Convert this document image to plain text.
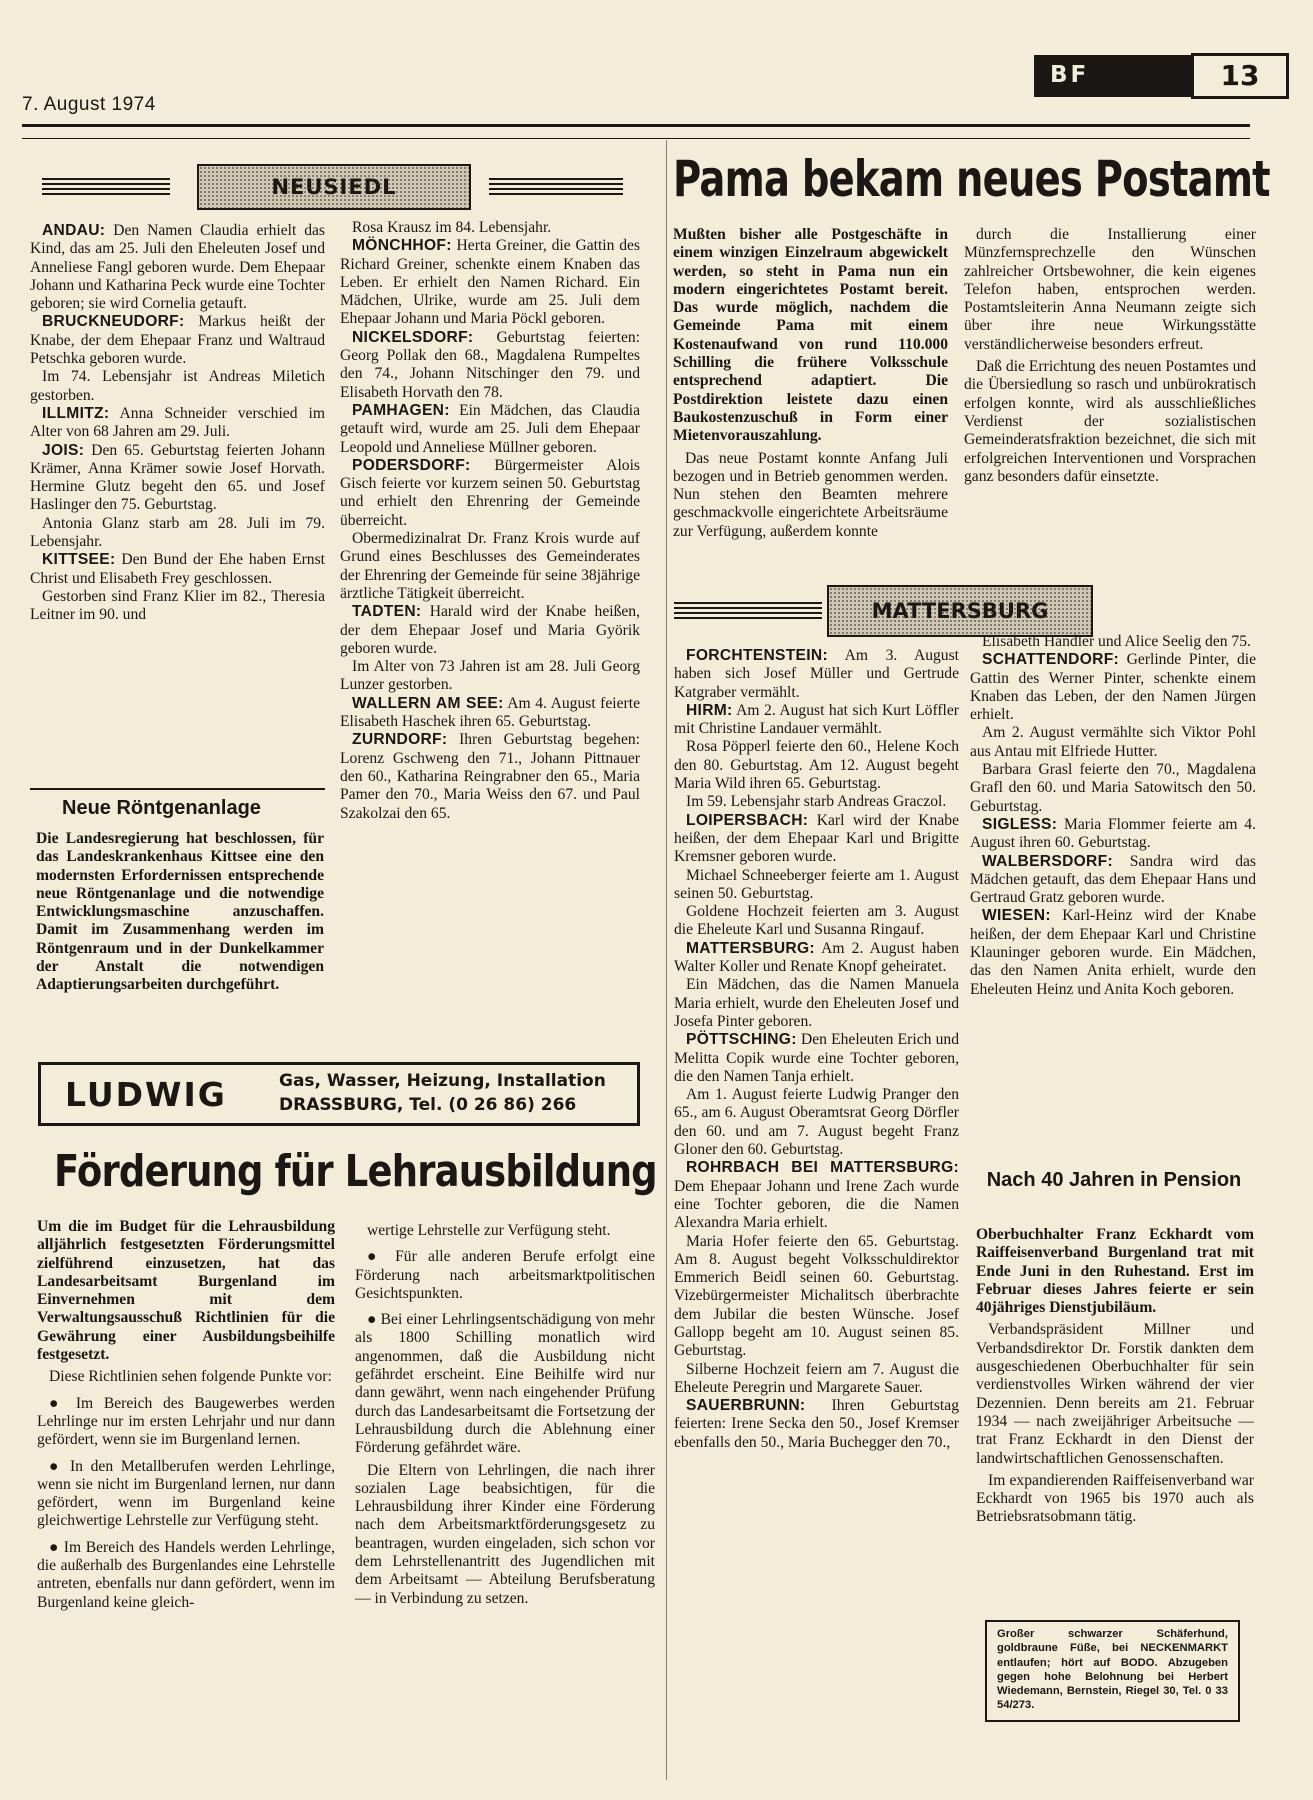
7. August 1974
BF	13
NEUSIEDL
ANDAU: Den Namen Claudia erhielt das Kind, das am 25. Juli den Eheleuten Josef und Anneliese Fangl geboren wurde. Dem Ehepaar Johann und Katharina Peck wurde eine Tochter geboren; sie wird Cornelia getauft.
BRUCKNEUDORF: Markus heißt der Knabe, der dem Ehepaar Franz und Waltraud Petschka geboren wurde.
Im 74. Lebensjahr ist Andreas Miletich gestorben.
ILLMITZ: Anna Schneider verschied im Alter von 68 Jahren am 29. Juli.
JOIS: Den 65. Geburtstag feierten Johann Krämer, Anna Krämer sowie Josef Horvath. Hermine Glutz begeht den 65. und Josef Haslinger den 75. Geburtstag.
Antonia Glanz starb am 28. Juli im 79. Lebensjahr.
KITTSEE: Den Bund der Ehe haben Ernst Christ und Elisabeth Frey geschlossen.
Gestorben sind Franz Klier im 82., Theresia Leitner im 90. und
Rosa Krausz im 84. Lebensjahr.
MÖNCHHOF: Herta Greiner, die Gattin des Richard Greiner, schenkte einem Knaben das Leben. Er erhielt den Namen Richard. Ein Mädchen, Ulrike, wurde am 25. Juli dem Ehepaar Johann und Maria Pöckl geboren.
NICKELSDORF: Geburtstag feierten: Georg Pollak den 68., Magdalena Rumpeltes den 74., Johann Nitschinger den 79. und Elisabeth Horvath den 78.
PAMHAGEN: Ein Mädchen, das Claudia getauft wird, wurde am 25. Juli dem Ehepaar Leopold und Anneliese Müllner geboren.
PODERSDORF: Bürgermeister Alois Gisch feierte vor kurzem seinen 50. Geburtstag und erhielt den Ehrenring der Gemeinde überreicht.
Obermedizinalrat Dr. Franz Krois wurde auf Grund eines Beschlusses des Gemeinderates der Ehrenring der Gemeinde für seine 38jährige ärztliche Tätigkeit überreicht.
TADTEN: Harald wird der Knabe heißen, der dem Ehepaar Josef und Maria Györik geboren wurde.
Im Alter von 73 Jahren ist am 28. Juli Georg Lunzer gestorben.
WALLERN AM SEE: Am 4. August feierte Elisabeth Haschek ihren 65. Geburtstag.
ZURNDORF: Ihren Geburtstag begehen: Lorenz Gschweng den 71., Johann Pittnauer den 60., Katharina Reingrabner den 65., Maria Pamer den 70., Maria Weiss den 67. und Paul Szakolzai den 65.
Neue Röntgenanlage

Die Landesregierung hat beschlossen, für das Landeskrankenhaus Kittsee eine den modernsten Erfordernissen entsprechende neue Röntgenanlage und die notwendige Entwicklungsmaschine anzuschaffen. Damit im Zusammenhang werden im Röntgenraum und in der Dunkelkammer der Anstalt die notwendigen Adaptierungsarbeiten durchgeführt.

LUDWIG	Gas, Wasser, Heizung, Installation
DRASSBURG, Tel. (0 26 86) 266
Förderung für Lehrausbildung
Um die im Budget für die Lehrausbildung alljährlich festgesetzten Förderungsmittel zielführend einzusetzen, hat das Landesarbeitsamt Burgenland im Einvernehmen mit dem Verwaltungsausschuß Richtlinien für die Gewährung einer Ausbildungsbeihilfe festgesetzt.
Diese Richtlinien sehen folgende Punkte vor:
● Im Bereich des Baugewerbes werden Lehrlinge nur im ersten Lehrjahr und nur dann gefördert, wenn sie im Burgenland lernen.
● In den Metallberufen werden Lehrlinge, wenn sie nicht im Burgenland lernen, nur dann gefördert, wenn im Burgenland keine gleichwertige Lehrstelle zur Verfügung steht.
● Im Bereich des Handels werden Lehrlinge, die außerhalb des Burgenlandes eine Lehrstelle antreten, ebenfalls nur dann gefördert, wenn im Burgenland keine gleich-
wertige Lehrstelle zur Verfügung steht.
● Für alle anderen Berufe erfolgt eine Förderung nach arbeitsmarktpolitischen Gesichtspunkten.
● Bei einer Lehrlingsentschädigung von mehr als 1800 Schilling monatlich wird angenommen, daß die Ausbildung nicht gefährdet erscheint. Eine Beihilfe wird nur dann gewährt, wenn nach eingehender Prüfung durch das Landesarbeitsamt die Fortsetzung der Lehrausbildung durch die Ablehnung einer Förderung gefährdet wäre.
Die Eltern von Lehrlingen, die nach ihrer sozialen Lage beabsichtigen, für die Lehrausbildung ihrer Kinder eine Förderung nach dem Arbeitsmarktförderungsgesetz zu beantragen, wurden eingeladen, sich schon vor dem Lehrstellenantritt des Jugendlichen mit dem Arbeitsamt — Abteilung Berufsberatung — in Verbindung zu setzen.
Pama bekam neues Postamt
Mußten bisher alle Postgeschäfte in einem winzigen Einzelraum abgewickelt werden, so steht in Pama nun ein modern eingerichtetes Postamt bereit. Das wurde möglich, nachdem die Gemeinde Pama mit einem Kostenaufwand von rund 110.000 Schilling die frühere Volksschule entsprechend adaptiert. Die Postdirektion leistete dazu einen Baukostenzuschuß in Form einer Mietenvorauszahlung.
Das neue Postamt konnte Anfang Juli bezogen und in Betrieb genommen werden. Nun stehen den Beamten mehrere geschmackvolle eingerichtete Arbeitsräume zur Verfügung, außerdem konnte
durch die Installierung einer Münzfernsprechzelle den Wünschen zahlreicher Ortsbewohner, die kein eigenes Telefon haben, entsprochen werden. Postamtsleiterin Anna Neumann zeigte sich über ihre neue Wirkungsstätte verständlicherweise besonders erfreut.
Daß die Errichtung des neuen Postamtes und die Übersiedlung so rasch und unbürokratisch erfolgen konnte, wird als ausschließliches Verdienst der sozialistischen Gemeinderatsfraktion bezeichnet, die sich mit erfolgreichen Interventionen und Vorsprachen ganz besonders dafür einsetzte.
MATTERSBURG
FORCHTENSTEIN: Am 3. August haben sich Josef Müller und Gertrude Katgraber vermählt.
HIRM: Am 2. August hat sich Kurt Löffler mit Christine Landauer vermählt.
Rosa Pöpperl feierte den 60., Helene Koch den 80. Geburtstag. Am 12. August begeht Maria Wild ihren 65. Geburtstag.
Im 59. Lebensjahr starb Andreas Graczol.
LOIPERSBACH: Karl wird der Knabe heißen, der dem Ehepaar Karl und Brigitte Kremsner geboren wurde.
Michael Schneeberger feierte am 1. August seinen 50. Geburtstag.
Goldene Hochzeit feierten am 3. August die Eheleute Karl und Susanna Ringauf.
MATTERSBURG: Am 2. August haben Walter Koller und Renate Knopf geheiratet.
Ein Mädchen, das die Namen Manuela Maria erhielt, wurde den Eheleuten Josef und Josefa Pinter geboren.
PÖTTSCHING: Den Eheleuten Erich und Melitta Copik wurde eine Tochter geboren, die den Namen Tanja erhielt.
Am 1. August feierte Ludwig Pranger den 65., am 6. August Oberamtsrat Georg Dörfler den 60. und am 7. August begeht Franz Gloner den 60. Geburtstag.
ROHRBACH BEI MATTERSBURG: Dem Ehepaar Johann und Irene Zach wurde eine Tochter geboren, die die Namen Alexandra Maria erhielt.
Maria Hofer feierte den 65. Geburtstag. Am 8. August begeht Volksschuldirektor Emmerich Beidl seinen 60. Geburtstag. Vizebürgermeister Michalitsch überbrachte dem Jubilar die besten Wünsche. Josef Gallopp begeht am 10. August seinen 85. Geburtstag.
Silberne Hochzeit feiern am 7. August die Eheleute Peregrin und Margarete Sauer.
SAUERBRUNN: Ihren Geburtstag feierten: Irene Secka den 50., Josef Kremser ebenfalls den 50., Maria Buchegger den 70.,
Elisabeth Handler und Alice Seelig den 75.
SCHATTENDORF: Gerlinde Pinter, die Gattin des Werner Pinter, schenkte einem Knaben das Leben, der den Namen Jürgen erhielt.
Am 2. August vermählte sich Viktor Pohl aus Antau mit Elfriede Hutter.
Barbara Grasl feierte den 70., Magdalena Grafl den 60. und Maria Satowitsch den 50. Geburtstag.
SIGLESS: Maria Flommer feierte am 4. August ihren 60. Geburtstag.
WALBERSDORF: Sandra wird das Mädchen getauft, das dem Ehepaar Hans und Gertraud Gratz geboren wurde.
WIESEN: Karl-Heinz wird der Knabe heißen, der dem Ehepaar Karl und Christine Klauninger geboren wurde. Ein Mädchen, das den Namen Anita erhielt, wurde den Eheleuten Heinz und Anita Koch geboren.
Nach 40 Jahren in Pension
Oberbuchhalter Franz Eckhardt vom Raiffeisenverband Burgenland trat mit Ende Juni in den Ruhestand. Erst im Februar dieses Jahres feierte er sein 40jähriges Dienstjubiläum.
Verbandspräsident Millner und Verbandsdirektor Dr. Forstik dankten dem ausgeschiedenen Oberbuchhalter für sein verdienstvolles Wirken während der vier Dezennien. Denn bereits am 21. Februar 1934 — nach zweijähriger Arbeitsuche — trat Franz Eckhardt in den Dienst der landwirtschaftlichen Genossenschaften.
Im expandierenden Raiffeisenverband war Eckhardt von 1965 bis 1970 auch als Betriebsratsobmann tätig.
Großer schwarzer Schäferhund, goldbraune Füße, bei NECKENMARKT entlaufen; hört auf BODO. Abzugeben gegen hohe Belohnung bei Herbert Wiedemann, Bernstein, Riegel 30, Tel. 0 33 54/273.
